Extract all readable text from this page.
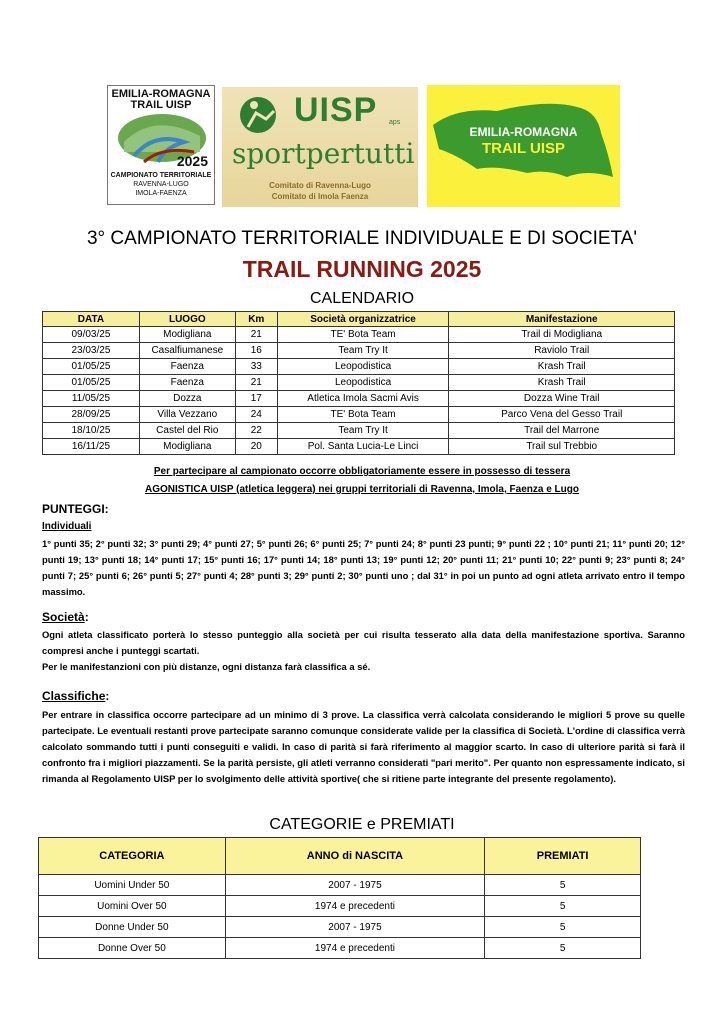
EMILIA-ROMAGNA
TRAIL UISP
2025
CAMPIONATO TERRITORIALE
RAVENNA-LUGO
IMOLA-FAENZA
UISP aps
sportpertutti
Comitato di Ravenna-Lugo
Comitato di Imola Faenza
EMILIA-ROMAGNA
TRAIL UISP
3° CAMPIONATO TERRITORIALE INDIVIDUALE E DI SOCIETA'
TRAIL RUNNING 2025
CALENDARIO
DATA	LUOGO	Km	Società organizzatrice	Manifestazione
09/03/25	Modigliana	21	TE' Bota Team	Trail di Modigliana
23/03/25	Casalfiumanese	16	Team Try It	Raviolo Trail
01/05/25	Faenza	33	Leopodistica	Krash Trail
01/05/25	Faenza	21	Leopodistica	Krash Trail
11/05/25	Dozza	17	Atletica Imola Sacmi Avis	Dozza Wine Trail
28/09/25	Villa Vezzano	24	TE' Bota Team	Parco Vena del Gesso Trail
18/10/25	Castel del Rio	22	Team Try It	Trail del Marrone
16/11/25	Modigliana	20	Pol. Santa Lucia-Le Linci	Trail sul Trebbio
Per partecipare al campionato occorre obbligatoriamente essere in possesso di tessera
AGONISTICA UISP (atletica leggera) nei gruppi territoriali di Ravenna, Imola, Faenza e Lugo
PUNTEGGI:
Individuali
1° punti 35; 2° punti 32; 3° punti 29; 4° punti 27; 5° punti 26; 6° punti 25; 7° punti 24; 8° punti 23 punti; 9° punti 22 ; 10° punti 21; 11° punti 20; 12° punti 19; 13° punti 18; 14° punti 17; 15° punti 16; 17° punti 14; 18° punti 13; 19° punti 12; 20° punti 11; 21° punti 10; 22° punti 9; 23° punti 8; 24° punti 7; 25° punti 6; 26° punti 5; 27° punti 4; 28° punti 3; 29° punti 2; 30° punti uno ; dal 31° in poi un punto ad ogni atleta arrivato entro il tempo massimo.
Società:
Ogni atleta classificato porterà lo stesso punteggio alla società per cui risulta tesserato alla data della manifestazione sportiva. Saranno compresi anche i punteggi scartati.
Per le manifestanzioni con più distanze, ogni distanza farà classifica a sé.
Classifiche:
Per entrare in classifica occorre partecipare ad un minimo di 3 prove. La classifica verrà calcolata considerando le migliori 5 prove su quelle partecipate. Le eventuali restanti prove partecipate saranno comunque considerate valide per la classifica di Società. L'ordine di classifica verrà calcolato sommando tutti i punti conseguiti e validi. In caso di parità si farà riferimento al maggior scarto. In caso di ulteriore parità si farà il confronto fra i migliori piazzamenti. Se la parità persiste, gli atleti verranno considerati "pari merito". Per quanto non espressamente indicato, si rimanda al Regolamento UISP per lo svolgimento delle attività sportive( che si ritiene parte integrante del presente regolamento).
CATEGORIE e PREMIATI
CATEGORIA	ANNO di NASCITA	PREMIATI
Uomini Under 50	2007 - 1975	5
Uomini Over 50	1974 e precedenti	5
Donne Under 50	2007 - 1975	5
Donne Over 50	1974 e precedenti	5
